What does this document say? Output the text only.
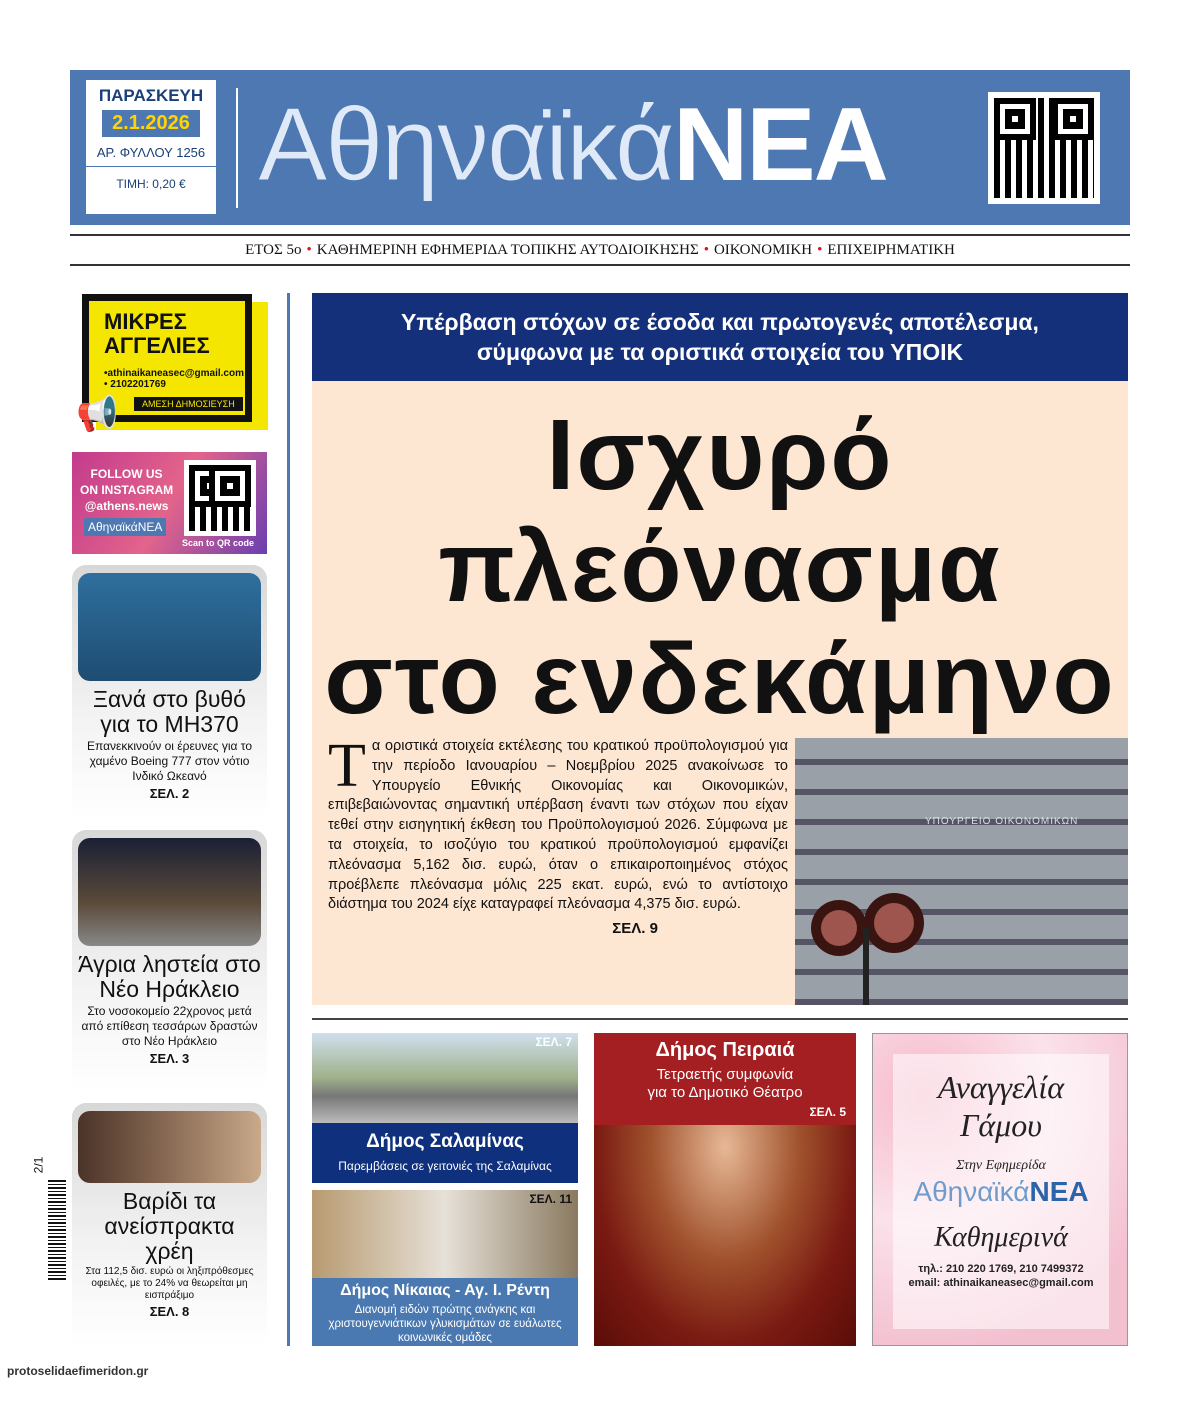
ΠΑΡΑΣΚΕΥΗ
2.1.2026
ΑΡ. ΦΥΛΛΟΥ 1256
ΤΙΜΗ: 0,20 € ΑθηναϊκάΝΕΑ
ΕΤΟΣ 5ο • ΚΑΘΗΜΕΡΙΝΗ ΕΦΗΜΕΡΙΔΑ ΤΟΠΙΚΗΣ ΑΥΤΟΔΙΟΙΚΗΣΗΣ • ΟΙΚΟΝΟΜΙΚΗ • ΕΠΙΧΕΙΡΗΜΑΤΙΚΗ
ΜΙΚΡΕΣ
ΑΓΓΕΛΙΕΣ
•athinaikaneasec@gmail.com
• 2102201769
ΑΜΕΣΗ ΔΗΜΟΣΙΕΥΣΗ
📢
FOLLOW US
ON INSTAGRAM
@athens.news
ΑθηναϊκάΝΕΑ
Scan to QR code
Ξανά στο βυθό για το MH370

Επανεκκινούν οι έρευνες για το χαμένο Boeing 777 στον νότιο Ινδικό Ωκεανό

ΣΕΛ. 2
Άγρια ληστεία στο Νέο Ηράκλειο

Στο νοσοκομείο 22χρονος μετά από επίθεση τεσσάρων δραστών στο Νέο Ηράκλειο

ΣΕΛ. 3
Βαρίδι τα ανείσπρακτα χρέη

Στα 112,5 δισ. ευρώ οι ληξιπρόθεσμες οφειλές, με το 24% να θεωρείται μη εισπράξιμο

ΣΕΛ. 8
Υπέρβαση στόχων σε έσοδα και πρωτογενές αποτέλεσμα,
σύμφωνα με τα οριστικά στοιχεία του ΥΠΟΙΚ
Ισχυρό
πλεόνασμα
στο ενδεκάμηνο
Τα οριστικά στοιχεία εκτέλεσης του κρατικού προϋπολογισμού για την περίοδο Ιανουαρίου – Νοεμβρίου 2025 ανακοίνωσε το Υπουργείο Εθνικής Οικονομίας και Οικονομικών, επιβεβαιώνοντας σημαντική υπέρβαση έναντι των στόχων που είχαν τεθεί στην εισηγητική έκθεση του Προϋπολογισμού 2026. Σύμφωνα με τα στοιχεία, το ισοζύγιο του κρατικού προϋπολογισμού εμφανίζει πλεόνασμα 5,162 δισ. ευρώ, όταν ο επικαιροποιημένος στόχος προέβλεπε πλεόνασμα μόλις 225 εκατ. ευρώ, ενώ το αντίστοιχο διάστημα του 2024 είχε καταγραφεί πλεόνασμα 4,375 δισ. ευρώ.
ΣΕΛ. 9
ΥΠΟΥΡΓΕΙΟ ΟΙΚΟΝΟΜΙΚΩΝ
ΣΕΛ. 7
Δήμος Σαλαμίνας

Παρεμβάσεις σε γειτονιές της Σαλαμίνας

ΣΕΛ. 11
Δήμος Νίκαιας - Αγ. Ι. Ρέντη

Διανομή ειδών πρώτης ανάγκης και χριστουγεννιάτικων γλυκισμάτων σε ευάλωτες κοινωνικές ομάδες

Δήμος Πειραιά

Τετραετής συμφωνία

για το Δημοτικό Θέατρο

ΣΕΛ. 5
Αναγγελία
Γάμου
Στην Εφημερίδα
ΑθηναϊκάΝΕΑ
Καθημερινά
τηλ.: 210 220 1769, 210 7499372
email: athinaikaneasec@gmail.com
2/1
protoselidaefimeridon.gr
